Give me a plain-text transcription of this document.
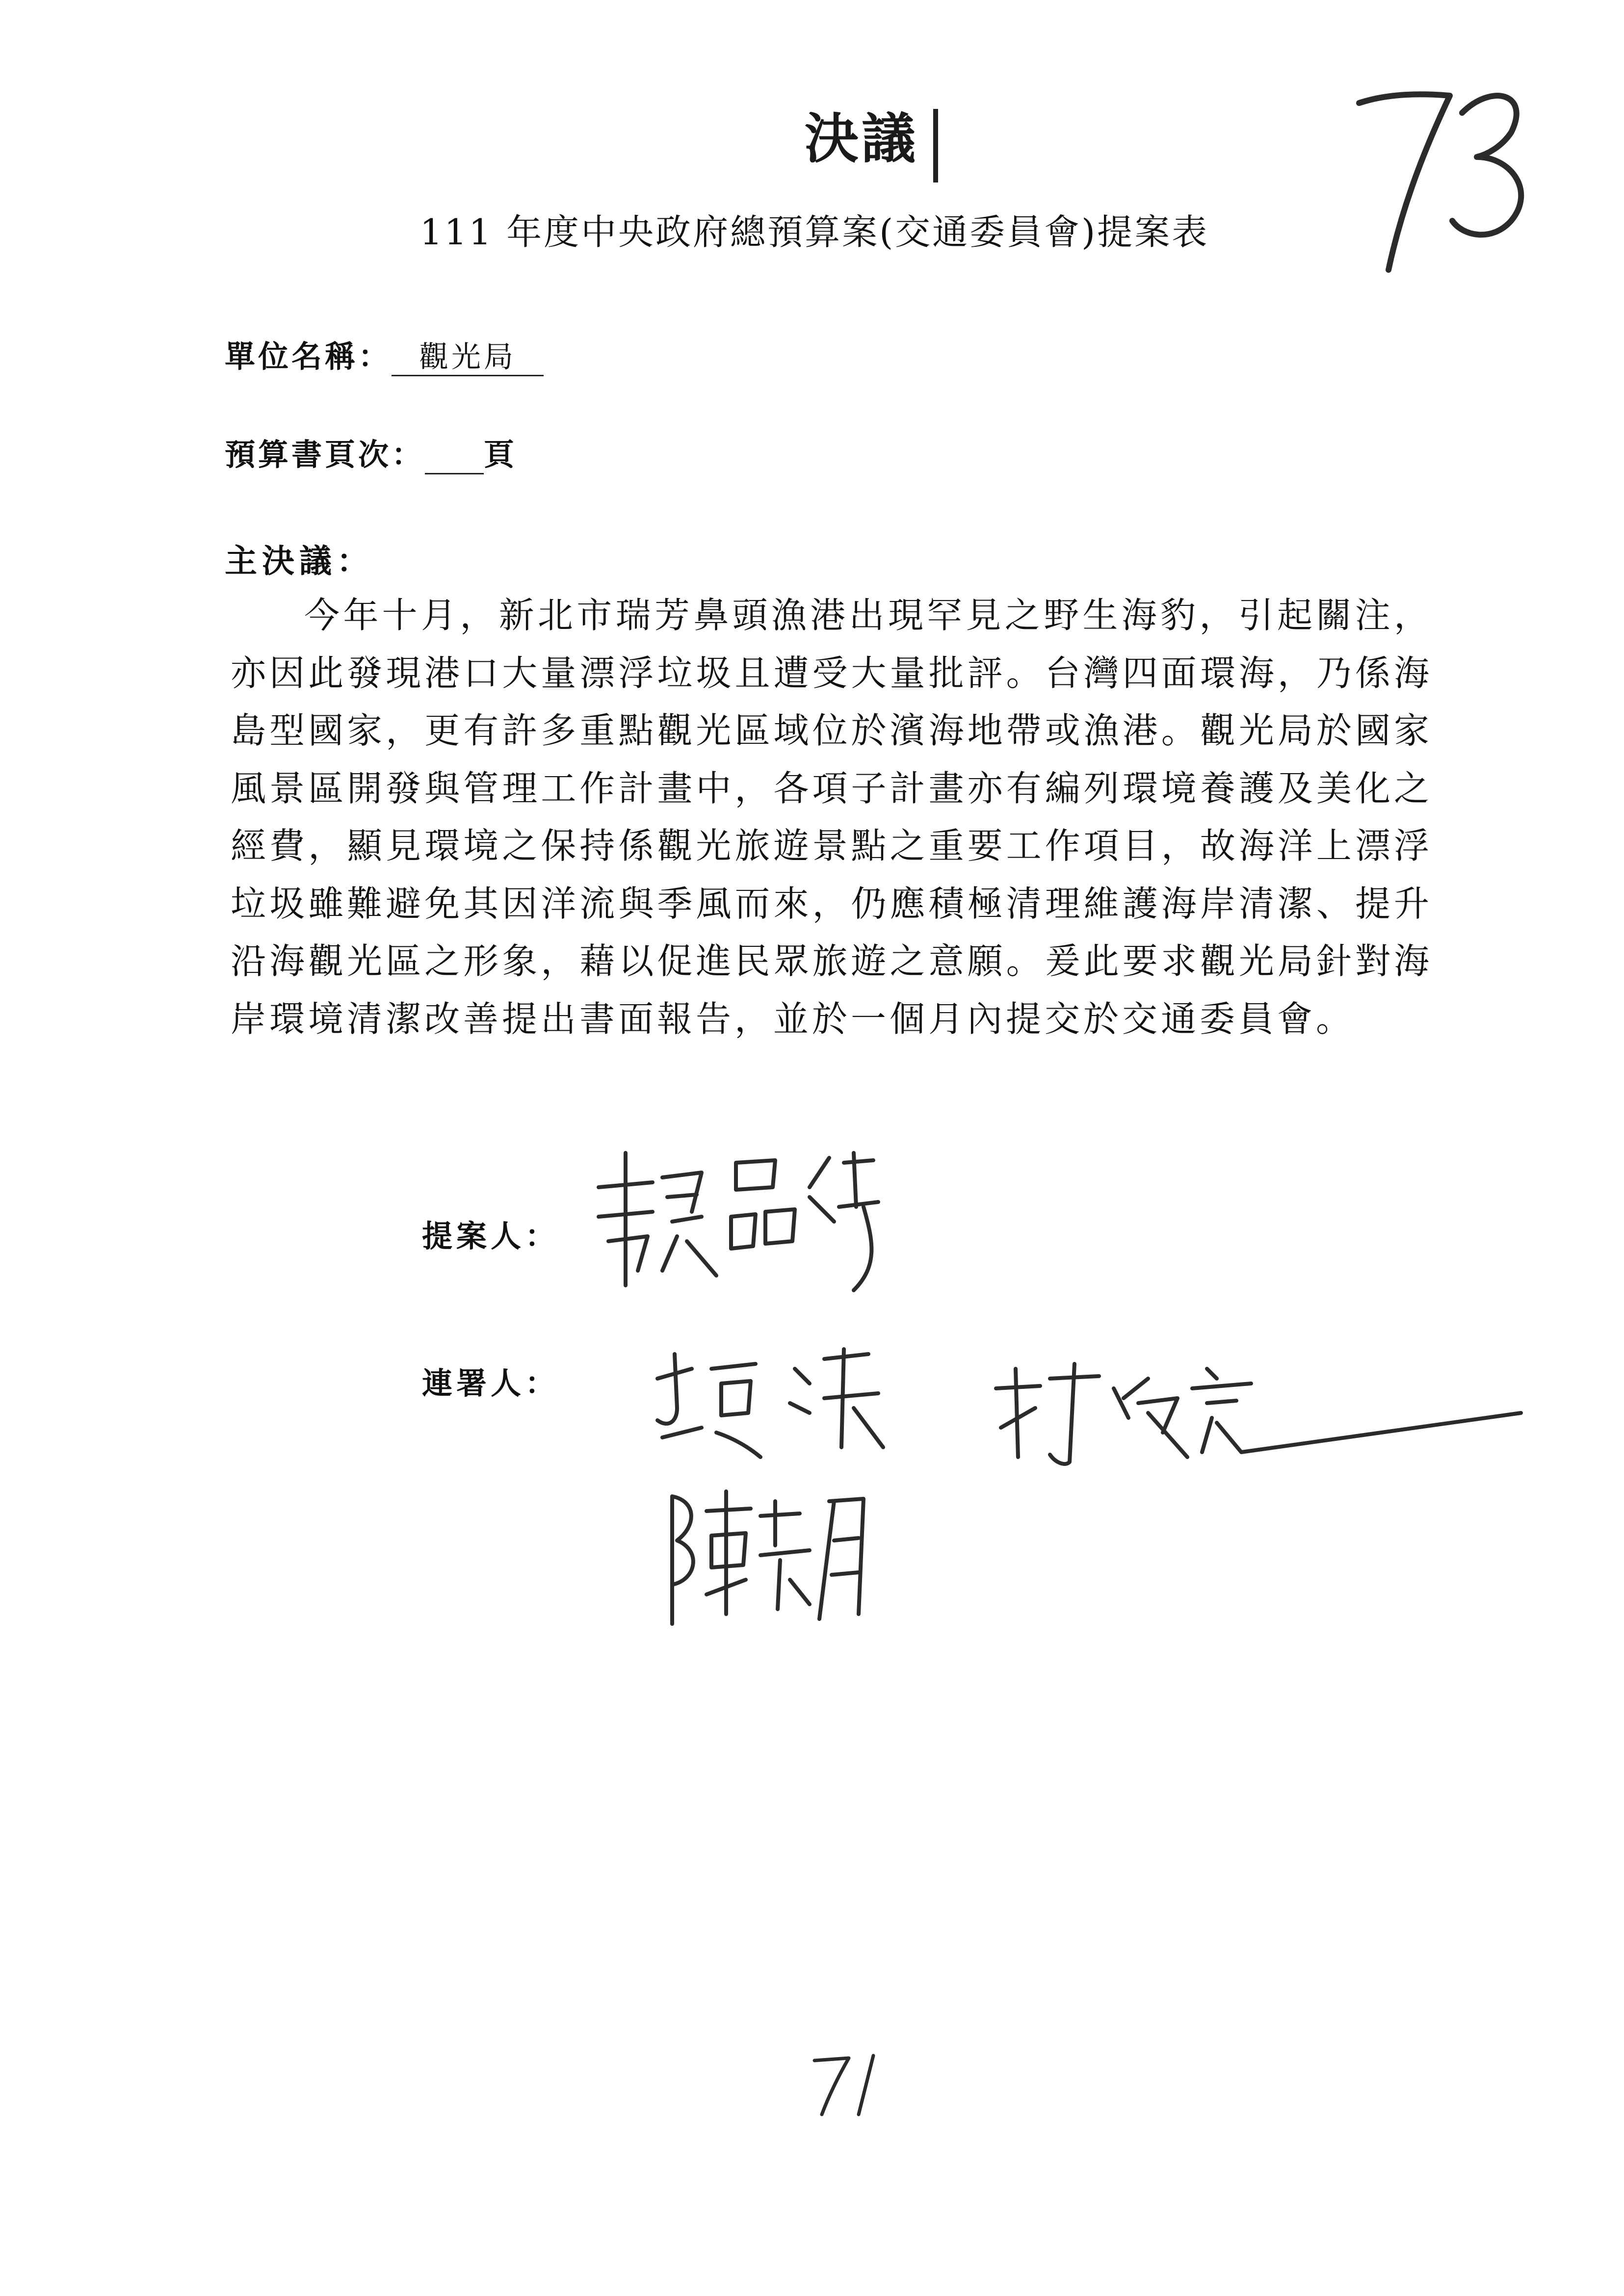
決議
111 年度中央政府總預算案(交通委員會)提案表
單位名稱： 觀光局
預算書頁次： 頁
主決議：
今年十月，新北市瑞芳鼻頭漁港出現罕見之野生海豹，引起關注，亦因此發現港口大量漂浮垃圾且遭受大量批評。台灣四面環海，乃係海島型國家，更有許多重點觀光區域位於濱海地帶或漁港。觀光局於國家風景區開發與管理工作計畫中，各項子計畫亦有編列環境養護及美化之經費，顯見環境之保持係觀光旅遊景點之重要工作項目，故海洋上漂浮垃圾雖難避免其因洋流與季風而來，仍應積極清理維護海岸清潔、提升沿海觀光區之形象，藉以促進民眾旅遊之意願。爰此要求觀光局針對海岸環境清潔改善提出書面報告，並於一個月內提交於交通委員會。
提案人：
連署人：
